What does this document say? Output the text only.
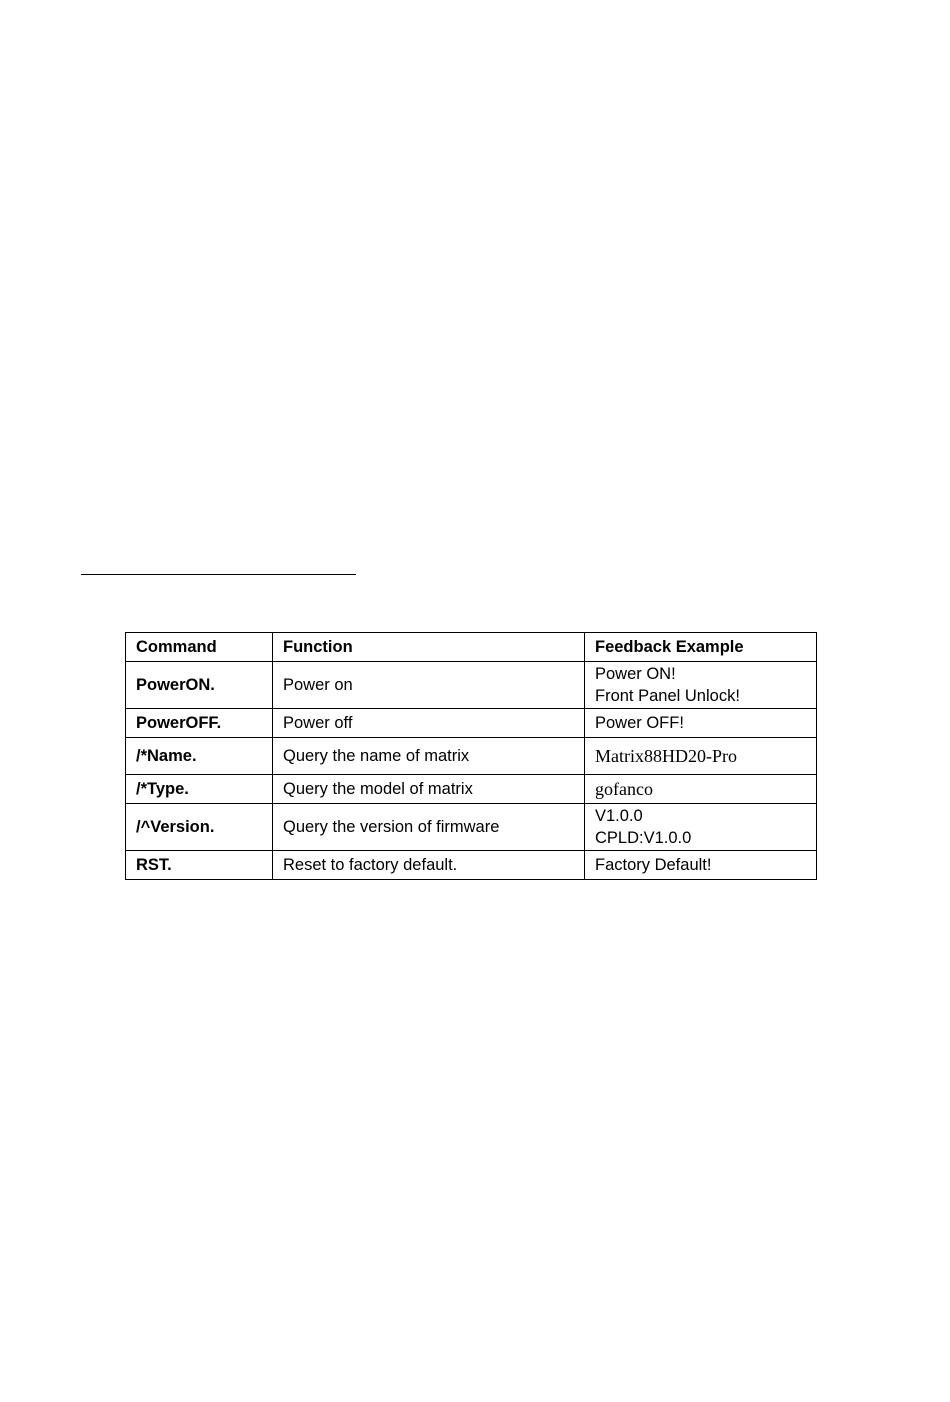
Command	Function	Feedback Example
PowerON.	Power on	Power ON!
Front Panel Unlock!

PowerOFF.	Power off	Power OFF!

/*Name.	Query the name of matrix	Matrix88HD20-Pro

/*Type.	Query the model of matrix	gofanco

/^Version.	Query the version of firmware	V1.0.0
CPLD:V1.0.0

RST.	Reset to factory default.	Factory Default!
